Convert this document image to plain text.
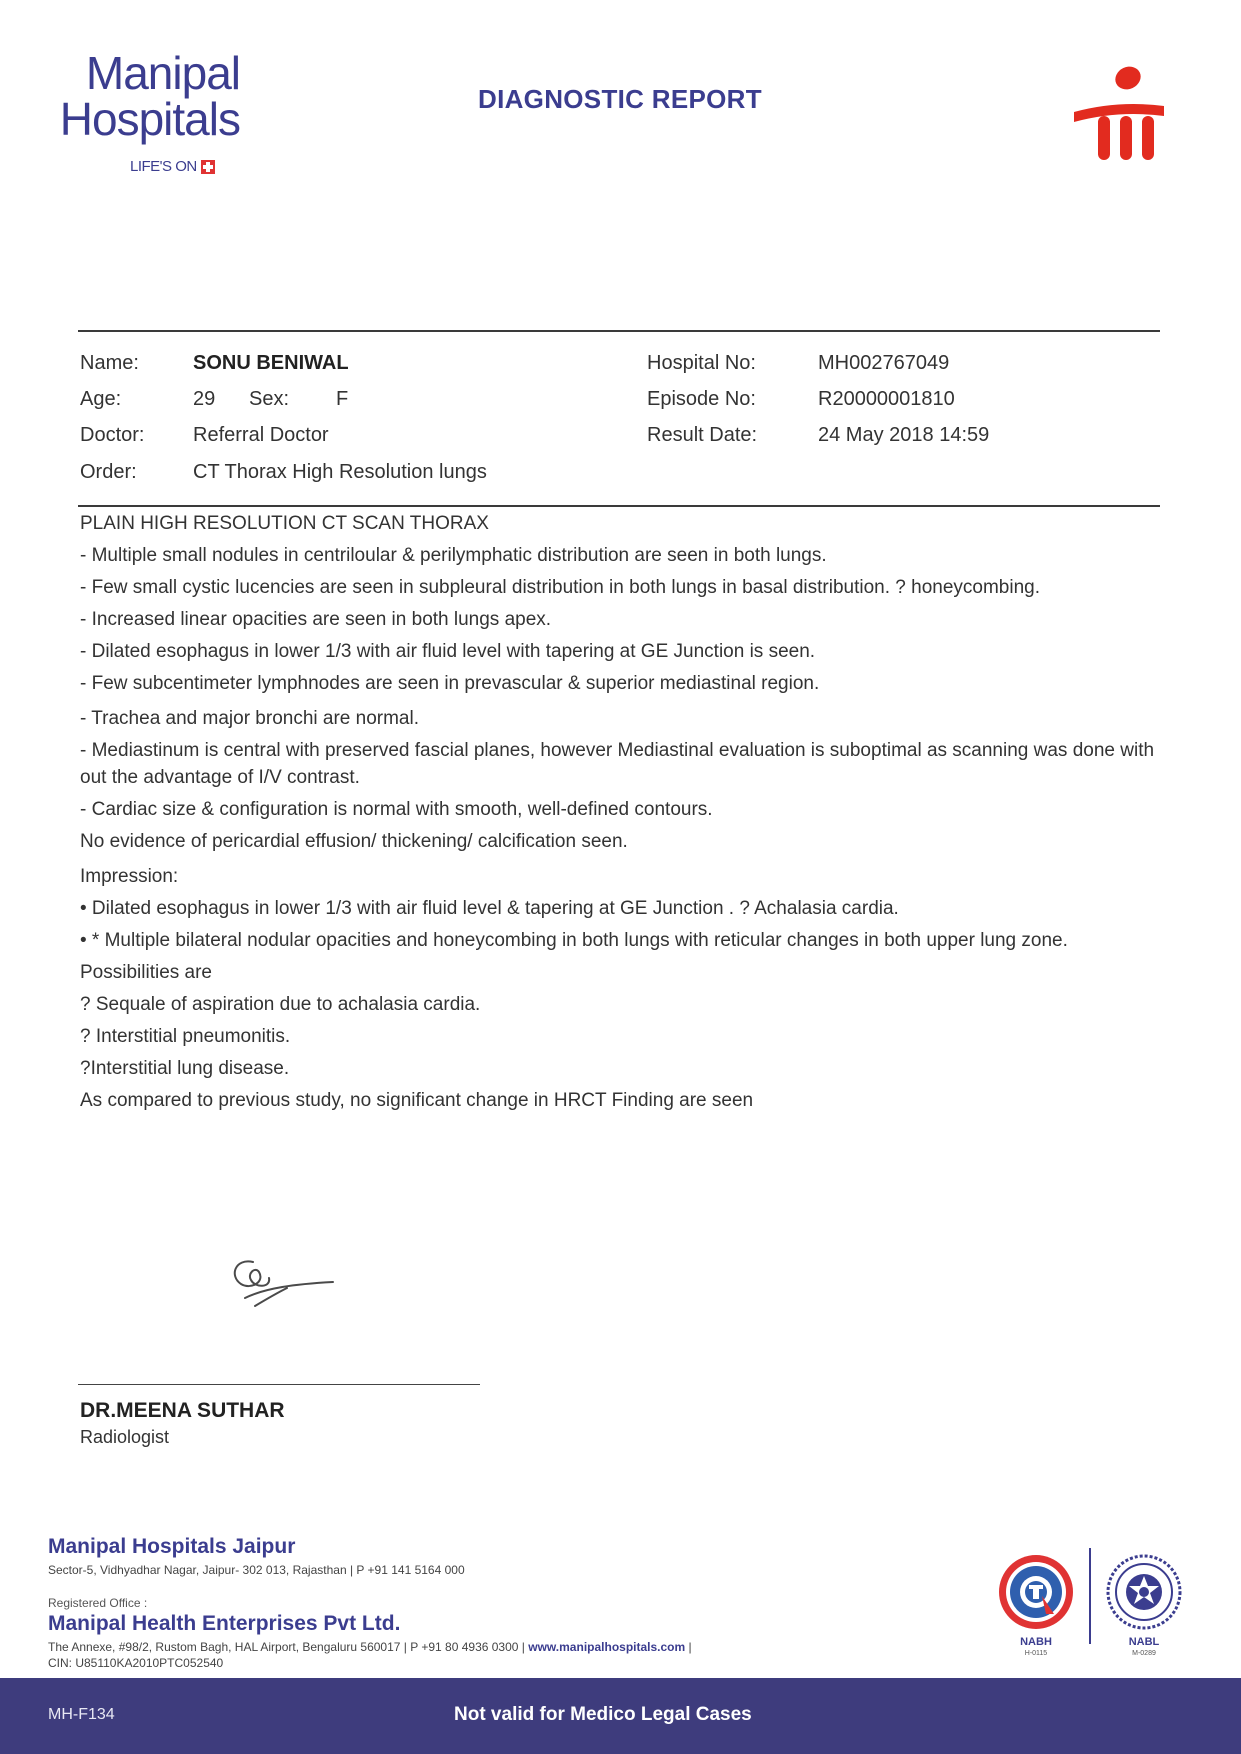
Manipal
Hospitals
LIFE'S ON
DIAGNOSTIC REPORT
Name:	SONU BENIWAL
Age:	29 Sex: F
Doctor: Referral Doctor
Order:	CT Thorax High Resolution lungs
Hospital No:	MH002767049
Episode No:	R20000001810
Result Date:	24 May 2018 14:59

PLAIN HIGH RESOLUTION CT SCAN THORAX

- Multiple small nodules in centriloular & perilymphatic distribution are seen in both lungs.

- Few small cystic lucencies are seen in subpleural distribution in both lungs in basal distribution. ? honeycombing.

- Increased linear opacities are seen in both lungs apex.

- Dilated esophagus in lower 1/3 with air fluid level with tapering at GE Junction is seen.

- Few subcentimeter lymphnodes are seen in prevascular & superior mediastinal region.

- Trachea and major bronchi are normal.

- Mediastinum is central with preserved fascial planes, however Mediastinal evaluation is suboptimal as scanning was done with out the advantage of I/V contrast.

- Cardiac size & configuration is normal with smooth, well-defined contours.

No evidence of pericardial effusion/ thickening/ calcification seen.

Impression:

• Dilated esophagus in lower 1/3 with air fluid level & tapering at GE Junction . ? Achalasia cardia.

• * Multiple bilateral nodular opacities and honeycombing in both lungs with reticular changes in both upper lung zone.

Possibilities are

? Sequale of aspiration due to achalasia cardia.

? Interstitial pneumonitis.

?Interstitial lung disease.

As compared to previous study, no significant change in HRCT Finding are seen

DR.MEENA SUTHAR
Radiologist
Manipal Hospitals Jaipur
Sector-5, Vidhyadhar Nagar, Jaipur- 302 013, Rajasthan | P +91 141 5164 000
Registered Office :
Manipal Health Enterprises Pvt Ltd.
The Annexe, #98/2, Rustom Bagh, HAL Airport, Bengaluru 560017 | P +91 80 4936 0300 | www.manipalhospitals.com |
CIN: U85110KA2010PTC052540
NABH
H-0115
NABL
M-0289
MH-F134	Not valid for Medico Legal Cases
